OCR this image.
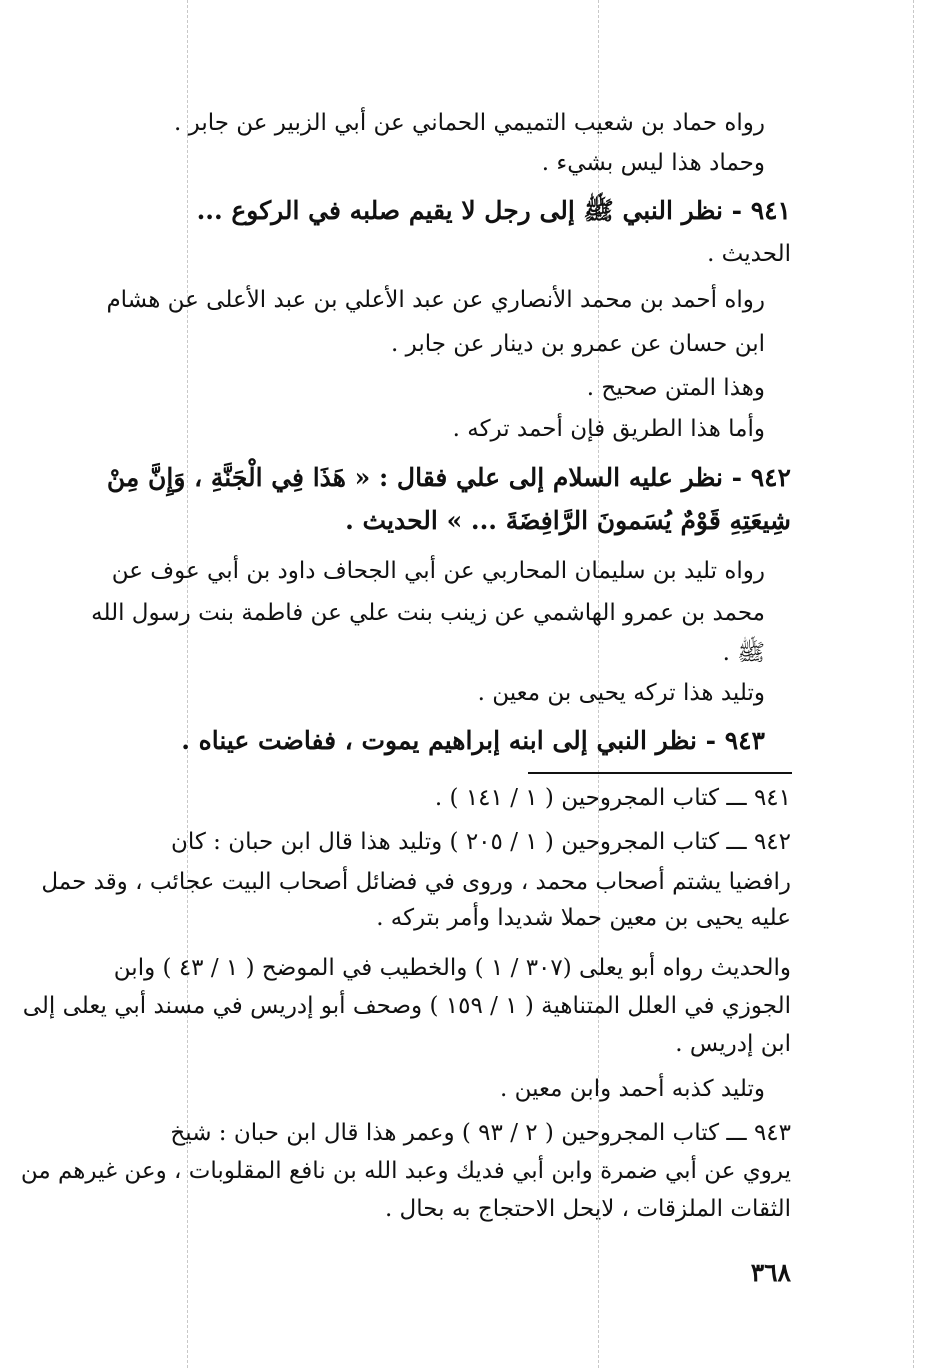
رواه حماد بن شعيب التميمي الحماني عن أبي الزبير عن جابر .
وحماد هذا ليس بشيء .
٩٤١ - نظر النبي ﷺ إلى رجل لا يقيم صلبه في الركوع ...
الحديث .
رواه أحمد بن محمد الأنصاري عن عبد الأعلي بن عبد الأعلى عن هشام
ابن حسان عن عمرو بن دينار عن جابر .
وهذا المتن صحيح .
وأما هذا الطريق فإن أحمد تركه .
٩٤٢ - نظر عليه السلام إلى علي فقال : « هَذَا فِي الْجَنَّةِ ، وَإِنَّ مِنْ
شِيعَتِهِ قَوْمٌ يُسَمونَ الرَّافِضَةَ ... » الحديث .
رواه تليد بن سليمان المحاربي عن أبي الجحاف داود بن أبي عوف عن
محمد بن عمرو الهاشمي عن زينب بنت علي عن فاطمة بنت رسول الله
ﷺ .
وتليد هذا تركه يحيى بن معين .
٩٤٣ - نظر النبي إلى ابنه إبراهيم يموت ، ففاضت عيناه .
٩٤١ ـــ كتاب المجروحين ( ١ / ١٤١ ) .
٩٤٢ ـــ كتاب المجروحين ( ١ / ٢٠٥ ) وتليد هذا قال ابن حبان : كان
رافضيا يشتم أصحاب محمد ، وروى في فضائل أصحاب البيت عجائب ، وقد حمل
عليه يحيى بن معين حملا شديدا وأمر بتركه .
والحديث رواه أبو يعلى (٣٠٧ / ١ ) والخطيب في الموضح ( ١ / ٤٣ ) وابن
الجوزي في العلل المتناهية ( ١ / ١٥٩ ) وصحف أبو إدريس في مسند أبي يعلى إلى
ابن إدريس .
وتليد كذبه أحمد وابن معين .
٩٤٣ ـــ كتاب المجروحين ( ٢ / ٩٣ ) وعمر هذا قال ابن حبان : شيخ
يروي عن أبي ضمرة وابن أبي فديك وعبد الله بن نافع المقلوبات ، وعن غيرهم من
الثقات الملزقات ، لايحل الاحتجاج به بحال .
٣٦٨
